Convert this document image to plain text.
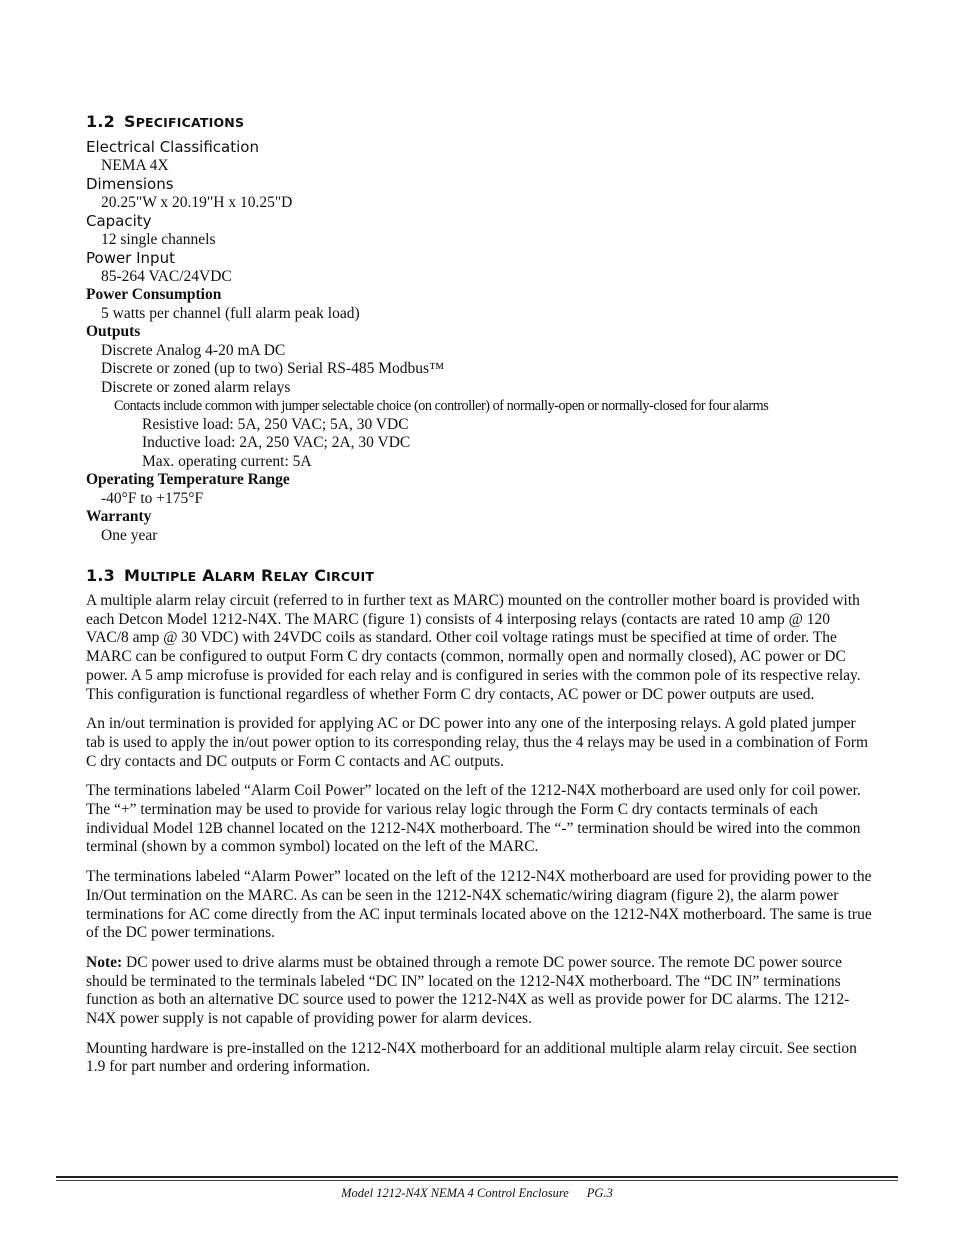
1.2 SPECIFICATIONS
Electrical Classification
NEMA 4X
Dimensions
20.25"W x 20.19"H x 10.25"D
Capacity
12 single channels
Power Input
85-264 VAC/24VDC
Power Consumption
5 watts per channel (full alarm peak load)
Outputs
Discrete Analog 4-20 mA DC
Discrete or zoned (up to two) Serial RS-485 Modbus™
Discrete or zoned alarm relays
Contacts include common with jumper selectable choice (on controller) of normally-open or normally-closed for four alarms
Resistive load: 5A, 250 VAC; 5A, 30 VDC
Inductive load: 2A, 250 VAC; 2A, 30 VDC
Max. operating current: 5A
Operating Temperature Range
-40°F to +175°F
Warranty
One year
1.3 MULTIPLE ALARM RELAY CIRCUIT

A multiple alarm relay circuit (referred to in further text as MARC) mounted on the controller mother board is provided with each Detcon Model 1212-N4X. The MARC (figure 1) consists of 4 interposing relays (contacts are rated 10 amp @ 120 VAC/8 amp @ 30 VDC) with 24VDC coils as standard. Other coil voltage ratings must be specified at time of order. The MARC can be configured to output Form C dry contacts (common, normally open and normally closed), AC power or DC power. A 5 amp microfuse is provided for each relay and is configured in series with the common pole of its respective relay. This configuration is functional regardless of whether Form C dry contacts, AC power or DC power outputs are used.

An in/out termination is provided for applying AC or DC power into any one of the interposing relays. A gold plated jumper tab is used to apply the in/out power option to its corresponding relay, thus the 4 relays may be used in a combination of Form C dry contacts and DC outputs or Form C contacts and AC outputs.

The terminations labeled “Alarm Coil Power” located on the left of the 1212-N4X motherboard are used only for coil power. The “+” termination may be used to provide for various relay logic through the Form C dry contacts terminals of each individual Model 12B channel located on the 1212-N4X motherboard. The “-” termination should be wired into the common terminal (shown by a common symbol) located on the left of the MARC.

The terminations labeled “Alarm Power” located on the left of the 1212-N4X motherboard are used for providing power to the In/Out termination on the MARC. As can be seen in the 1212-N4X schematic/wiring diagram (figure 2), the alarm power terminations for AC come directly from the AC input terminals located above on the 1212-N4X motherboard. The same is true of the DC power terminations.

Note: DC power used to drive alarms must be obtained through a remote DC power source. The remote DC power source should be terminated to the terminals labeled “DC IN” located on the 1212-N4X motherboard. The “DC IN” terminations function as both an alternative DC source used to power the 1212-N4X as well as provide power for DC alarms. The 1212-N4X power supply is not capable of providing power for alarm devices.

Mounting hardware is pre-installed on the 1212-N4X motherboard for an additional multiple alarm relay circuit. See section 1.9 for part number and ordering information.

Model 1212-N4X NEMA 4 Control Enclosure PG.3
